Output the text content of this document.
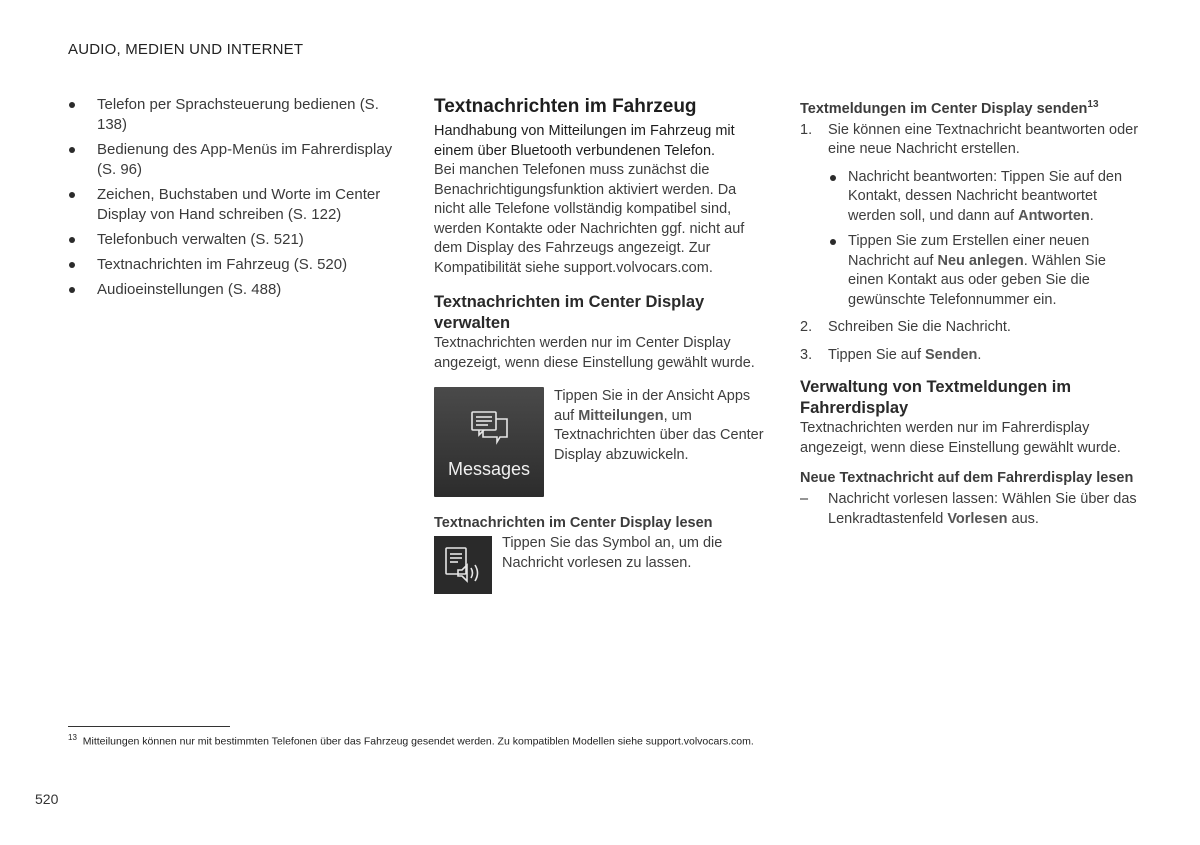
AUDIO, MEDIEN UND INTERNET
Telefon per Sprachsteuerung bedienen (S. 138)
Bedienung des App-Menüs im Fahrerdisplay (S. 96)
Zeichen, Buchstaben und Worte im Center Display von Hand schreiben (S. 122)
Telefonbuch verwalten (S. 521)
Textnachrichten im Fahrzeug (S. 520)
Audioeinstellungen (S. 488)
Textnachrichten im Fahrzeug

Handhabung von Mitteilungen im Fahrzeug mit einem über Bluetooth verbundenen Telefon.

Bei manchen Telefonen muss zunächst die Benachrichtigungsfunktion aktiviert werden. Da nicht alle Telefone vollständig kompatibel sind, werden Kontakte oder Nachrichten ggf. nicht auf dem Display des Fahrzeugs angezeigt. Zur Kompatibilität siehe support.volvocars.com.

Textnachrichten im Center Display verwalten

Textnachrichten werden nur im Center Display angezeigt, wenn diese Einstellung gewählt wurde.

Messages

Tippen Sie in der Ansicht Apps auf Mitteilungen, um Textnachrichten über das Center Display abzuwickeln.

Textnachrichten im Center Display lesen

Tippen Sie das Symbol an, um die Nachricht vorlesen zu lassen.

Textmeldungen im Center Display senden$^{13}$
1. Sie können eine Textnachricht beantworten oder eine neue Nachricht erstellen.

Nachricht beantworten: Tippen Sie auf den Kontakt, dessen Nachricht beantwortet werden soll, und dann auf Antworten.

Tippen Sie zum Erstellen einer neuen Nachricht auf Neu anlegen. Wählen Sie einen Kontakt aus oder geben Sie die gewünschte Telefonnummer ein.

2. Schreiben Sie die Nachricht.

3. Tippen Sie auf Senden.

Verwaltung von Textmeldungen im Fahrerdisplay

Textnachrichten werden nur im Fahrerdisplay angezeigt, wenn diese Einstellung gewählt wurde.

Neue Textnachricht auf dem Fahrerdisplay lesen
– Nachricht vorlesen lassen: Wählen Sie über das Lenkradtastenfeld Vorlesen aus.

$^{13}$ Mitteilungen können nur mit bestimmten Telefonen über das Fahrzeug gesendet werden. Zu kompatiblen Modellen siehe support.volvocars.com.
520
